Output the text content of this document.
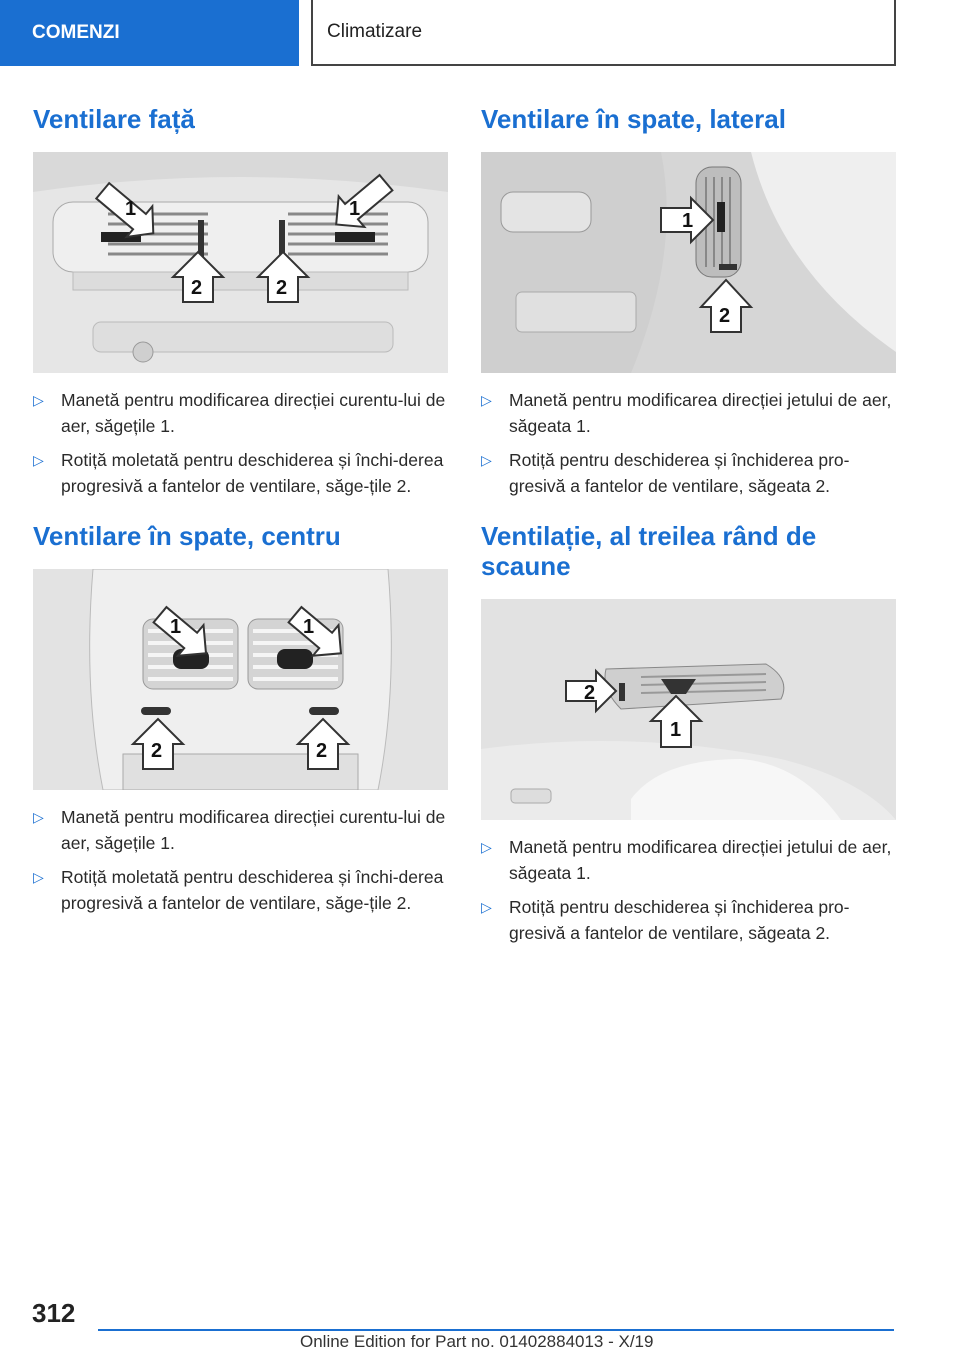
COMENZI	Climatizare
Ventilare față
1	1
2	2
▷ Manetă pentru modificarea direcției curentu-lui de aer, săgețile 1.
▷ Rotiță moletată pentru deschiderea și închi-derea progresivă a fantelor de ventilare, săge-țile 2.
Ventilare în spate, centru
1	1
2	2
▷ Manetă pentru modificarea direcției curentu-lui de aer, săgețile 1.
▷ Rotiță moletată pentru deschiderea și închi-derea progresivă a fantelor de ventilare, săge-țile 2.
Ventilare în spate, lateral
1
2
▷ Manetă pentru modificarea direcției jetului de aer, săgeata 1.
▷ Rotiță pentru deschiderea și închiderea pro-gresivă a fantelor de ventilare, săgeata 2.
Ventilație, al treilea rând de scaune
2
1
▷ Manetă pentru modificarea direcției jetului de aer, săgeata 1.
▷ Rotiță pentru deschiderea și închiderea pro-gresivă a fantelor de ventilare, săgeata 2.
312
Online Edition for Part no. 01402884013 - X/19
